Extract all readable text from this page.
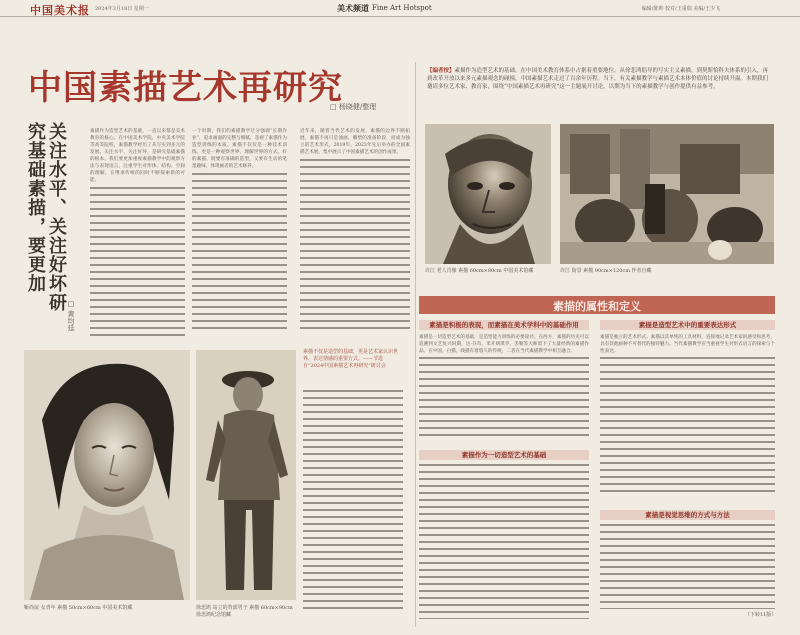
中国美术报 2024年3月18日 星期一	美术频道 Fine Art Hotspot	编辑/陈帅 校对/王重瑞 美编/王少飞
中国素描艺术再研究
□ 杨晓健/整理
【编者按】素描作为造型艺术的基础，在中国美术教育体系中占据着重要地位。从徐悲鸿倡导的写实主义素描，到契斯恰科夫体系的引入，再到改革开放以来多元素描观念的碰撞，中国素描艺术走过了百余年历程。当下，有关素描教学与素描艺术本体价值的讨论持续升温。本期我们邀请多位艺术家、教育家，围绕“中国素描艺术再研究”这一主题展开讨论，以期为当下的素描教学与创作提供有益参考。
关注水平、关注好坏研究基础素描，要更加
□ 黄均廷
素描作为造型艺术的基础，一直以来都是美术教育的核心。在中国美术学院、中央美术学院等高等院校，素描教学经历了从写实到多元的发展。关注水平、关注好坏，是研究基础素描的根本。我们要更加重视素描教学中的观察方法与表现语言，注重学生对形体、结构、空间的理解，在继承传统的同时不断探索新的可能。
一个时期，我们的素描教学过分强调“长期作业”，追求画面的完整与细腻，忽视了素描作为造型训练的本质。素描不仅仅是一种技术训练，更是一种观察世界、理解世界的方式。好的素描，既要有准确的造型，又要有生动的笔墨趣味，体现画者的艺术修养。
近年来，随着当代艺术的发展，素描的边界不断拓展，素描不再只是油画、雕塑的准备阶段，而成为独立的艺术形式。2019年、2023年先后举办的全国素描艺术展，集中展示了中国素描艺术的创作成果。
许江 老人肖像 素描 60cm×80cm 中国美术馆藏	许江 街景 素描 90cm×120cm 作者自藏
靳尚谊 女青年 素描 50cm×60cm 中国美术馆藏	徐悲鸿 站立的背部男子 素描 60cm×90cm 徐悲鸿纪念馆藏
素描不仅是造型的基础，更是艺术家认识世界、表达情感的重要方式。——节选自“2024中国素描艺术再研究”研讨会
素描的属性和定义
素描是积极的表现，而素描在美术学科中的基础作用	素描是造型艺术中的重要表达形式
素描是一切造型艺术的基础，是造型能力训练的必要途径。在西方，素描的历史可以追溯到文艺复兴时期，达·芬奇、米开朗琪罗、丢勒等大师留下了大量经典的素描作品。在中国，白描、线描有着悠久的传统，二者在当代素描教学中相互融合。
素描是独立的艺术形式。素描以其单纯的工具材料，直接地记录艺术家的感受和思考，具有其他画种不可替代的独特魅力。当代素描教学应当重视学生对形式语言的探索与个性表达。
素描作为一切造型艺术的基础
素描是视觉思维的方式与方法
（下转11版）
